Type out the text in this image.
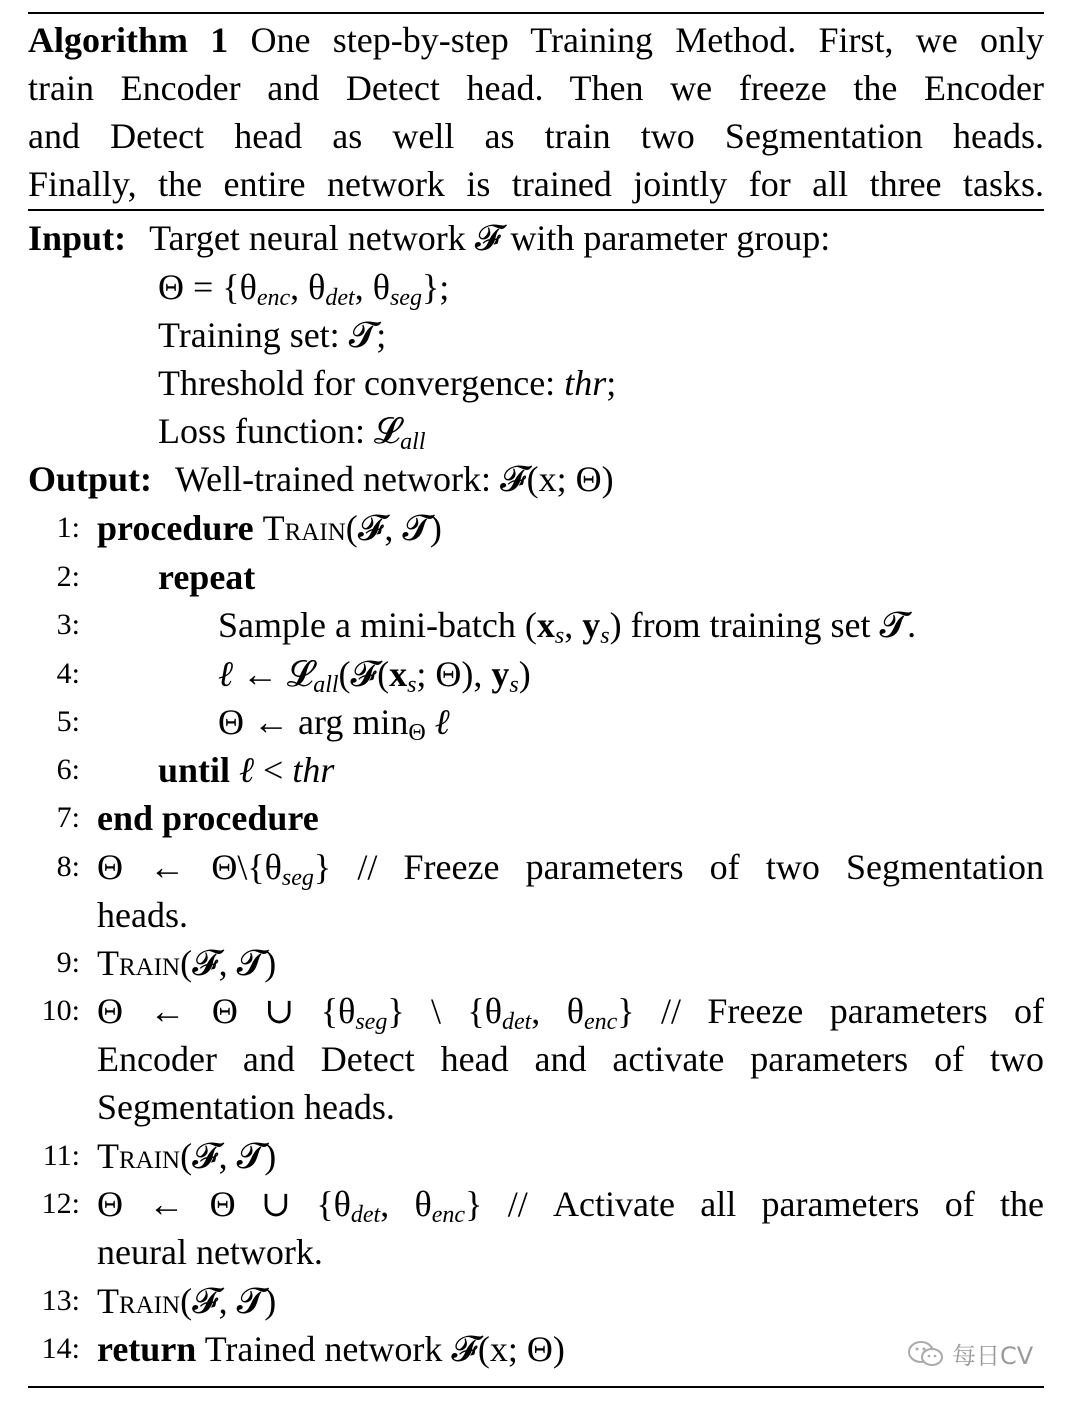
Algorithm 1 One step-by-step Training Method. First, we only
train Encoder and Detect head. Then we freeze the Encoder
and Detect head as well as train two Segmentation heads.
Finally, the entire network is trained jointly for all three tasks.
Input: Target neural network 𝓕 with parameter group:
$\Theta = \{\theta_{enc}$, $\theta_{det}$, $\theta_{seg}$};
Training set: 𝓣;
Threshold for convergence: thr;
Loss function: 𝓛$_{all}$
Output: Well-trained network: 𝓕(x; Θ)
1: procedure Train(𝓕, 𝓣)
2: repeat
3:	Sample a mini-batch ($x_s$, $y_s$) from training set 𝓣.
4:	ℓ ← $𝓛_{all}(𝓕(x_s$; Θ), $y_s$)
5:	Θ ← arg $\min_\Theta$ ℓ
6: until ℓ < thr
7: end procedure
8: Θ ← $\Theta\backslash\{\theta_{seg}\}$ // Freeze parameters of two Segmentation
heads.
9: Train(𝓕, 𝓣)
10: Θ ← Θ ∪ $\{\theta_{seg}\}$ \ {$\theta_{det}$, $\theta_{enc}$} // Freeze parameters of
Encoder and Detect head and activate parameters of two
Segmentation heads.
11: Train(𝓕, 𝓣)
12: Θ ← Θ ∪ {$\theta_{det}$, $\theta_{enc}$} // Activate all parameters of the
neural network.
13: Train(𝓕, 𝓣)
14: return Trained network 𝓕(x; Θ)	每日CV
